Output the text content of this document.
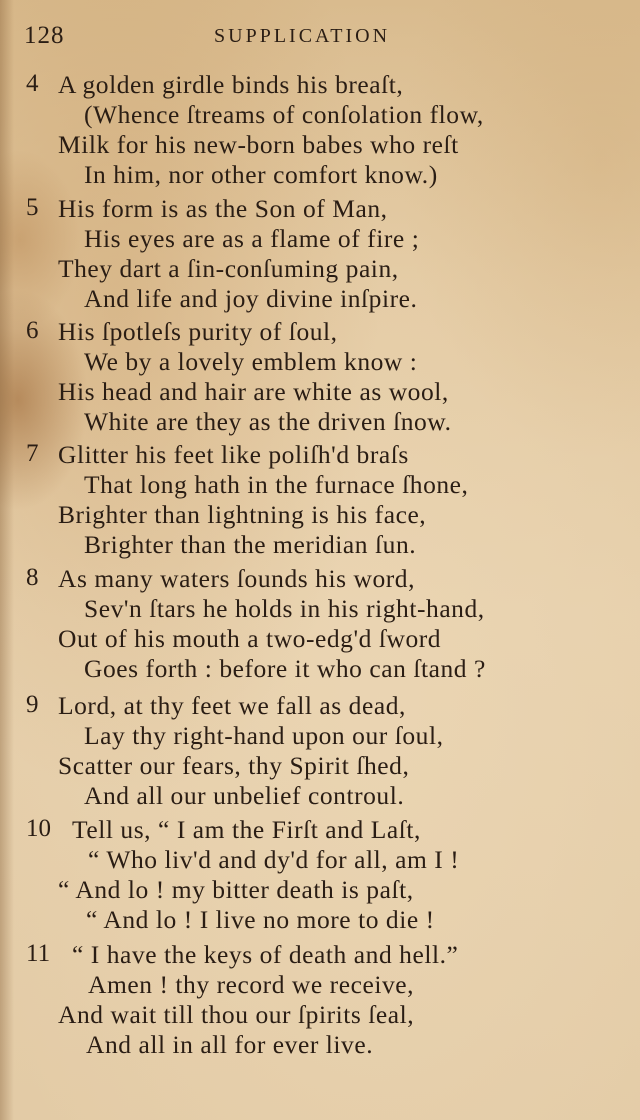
128	SUPPLICATION
4 A golden girdle binds his breaſt,
(Whence ſtreams of conſolation flow,
Milk for his new-born babes who reſt
In him, nor other comfort know.)
5 His form is as the Son of Man,
His eyes are as a flame of fire ;
They dart a ſin-conſuming pain,
And life and joy divine inſpire.
6 His ſpotleſs purity of ſoul,
We by a lovely emblem know :
His head and hair are white as wool,
White are they as the driven ſnow.
7 Glitter his feet like poliſh'd braſs
That long hath in the furnace ſhone,
Brighter than lightning is his face,
Brighter than the meridian ſun.
8 As many waters ſounds his word,
Sev'n ſtars he holds in his right-hand,
Out of his mouth a two-edg'd ſword
Goes forth : before it who can ſtand ?
9 Lord, at thy feet we fall as dead,
Lay thy right-hand upon our ſoul,
Scatter our fears, thy Spirit ſhed,
And all our unbelief controul.
10 Tell us, “ I am the Firſt and Laſt,
“ Who liv'd and dy'd for all, am I !
“ And lo ! my bitter death is paſt,
“ And lo ! I live no more to die !
11 “ I have the keys of death and hell.”
Amen ! thy record we receive,
And wait till thou our ſpirits ſeal,
And all in all for ever live.
